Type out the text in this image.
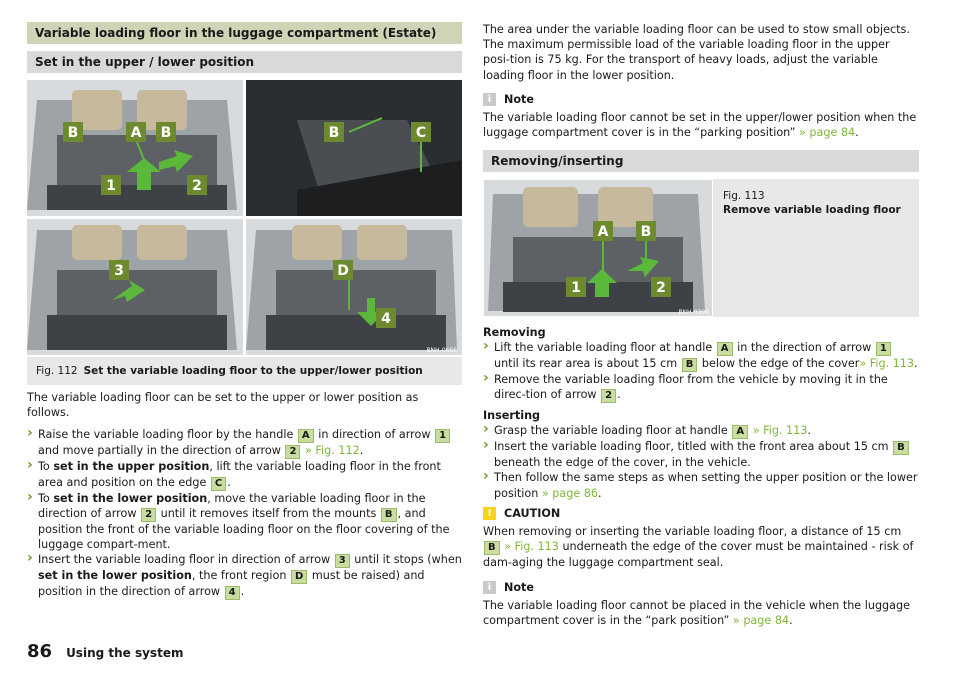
Variable loading floor in the luggage compartment (Estate)
Set in the upper / lower position
B	A B
1	2
B	C
3	D
4
BNH-0666
Fig. 112 Set the variable loading floor to the upper/lower position

The variable loading floor can be set to the upper or lower position as follows.

› Raise the variable loading floor by the handle A in direction of arrow 1 and move partially in the direction of arrow 2 » Fig. 112.

› To set in the upper position, lift the variable loading floor in the front area and position on the edge C .

› To set in the lower position, move the variable loading floor in the direction of arrow 2 until it removes itself from the mounts B , and position the front of the variable loading floor on the floor covering of the luggage compart-ment.

› Insert the variable loading floor in direction of arrow 3 until it stops (when set in the lower position, the front region D must be raised) and position in the direction of arrow 4 .

The area under the variable loading floor can be used to stow small objects. The maximum permissible load of the variable loading floor in the upper posi-tion is 75 kg. For the transport of heavy loads, adjust the variable loading floor in the lower position.

i	Note

The variable loading floor cannot be set in the upper/lower position when the luggage compartment cover is in the “parking position” » page 84.

Removing/inserting
A B
1	2
BNH-0398
Fig. 113
Remove variable loading floor

Removing

› Lift the variable loading floor at handle A in the direction of arrow 1 until its rear area is about 15 cm B below the edge of the cover» Fig. 113.

› Remove the variable loading floor from the vehicle by moving it in the direc-tion of arrow 2 .

Inserting

› Grasp the variable loading floor at handle A » Fig. 113.

› Insert the variable loading floor, titled with the front area about 15 cm B beneath the edge of the cover, in the vehicle.

› Then follow the same steps as when setting the upper position or the lower position » page 86.

!	CAUTION

When removing or inserting the variable loading floor, a distance of 15 cm B » Fig. 113 underneath the edge of the cover must be maintained - risk of dam-aging the luggage compartment seal.

i	Note

The variable loading floor cannot be placed in the vehicle when the luggage compartment cover is in the “park position” » page 84.

86 Using the system
